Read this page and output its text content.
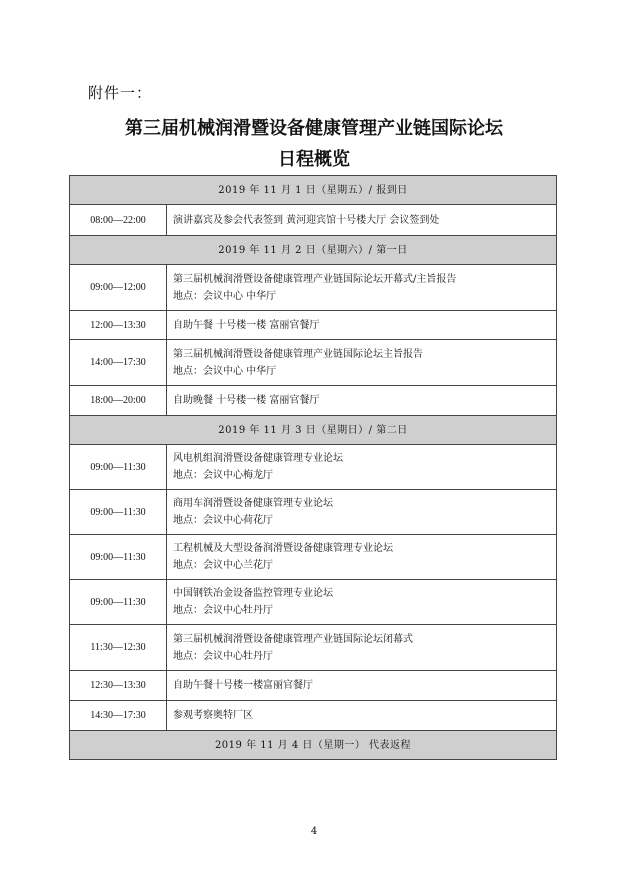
附件一：
第三届机械润滑暨设备健康管理产业链国际论坛
日程概览
2019 年 11 月 1 日（星期五）/ 报到日	
08:00—22:00	演讲嘉宾及参会代表签到 黄河迎宾馆十号楼大厅 会议签到处

2019 年 11 月 2 日（星期六）/ 第一日	
09:00—12:00	第三届机械润滑暨设备健康管理产业链国际论坛开幕式/主旨报告
地点：会议中心 中华厅

12:00—13:30	自助午餐 十号楼一楼 富丽官餐厅

14:00—17:30	第三届机械润滑暨设备健康管理产业链国际论坛主旨报告
地点：会议中心 中华厅

18:00—20:00	自助晚餐 十号楼一楼 富丽官餐厅

2019 年 11 月 3 日（星期日）/ 第二日	
09:00—11:30	风电机组润滑暨设备健康管理专业论坛
地点：会议中心梅龙厅

09:00—11:30	商用车润滑暨设备健康管理专业论坛
地点：会议中心荷花厅

09:00—11:30	工程机械及大型设备润滑暨设备健康管理专业论坛
地点：会议中心兰花厅

09:00—11:30	中国钢铁冶金设备监控管理专业论坛
地点：会议中心牡丹厅

11:30—12:30	第三届机械润滑暨设备健康管理产业链国际论坛闭幕式
地点：会议中心牡丹厅

12:30—13:30	自助午餐十号楼一楼富丽官餐厅

14:30—17:30	参观考察奥特厂区

2019 年 11 月 4 日（星期一） 代表返程	
4
